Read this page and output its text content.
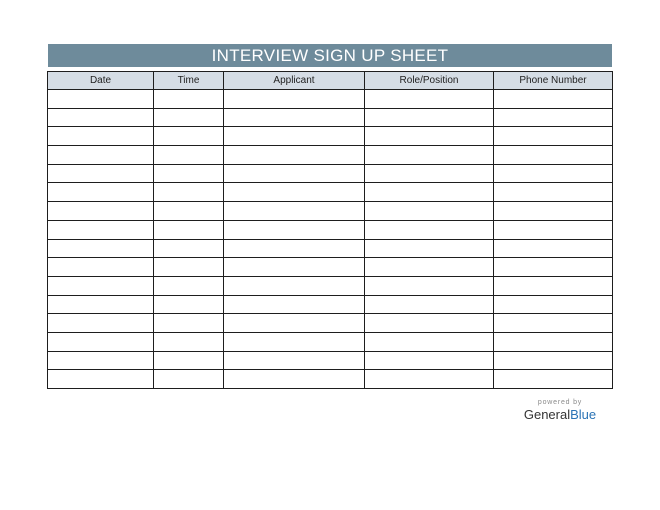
INTERVIEW SIGN UP SHEET
Date	Time	Applicant	Role/Position	Phone Number

powered by
GeneralBlue
